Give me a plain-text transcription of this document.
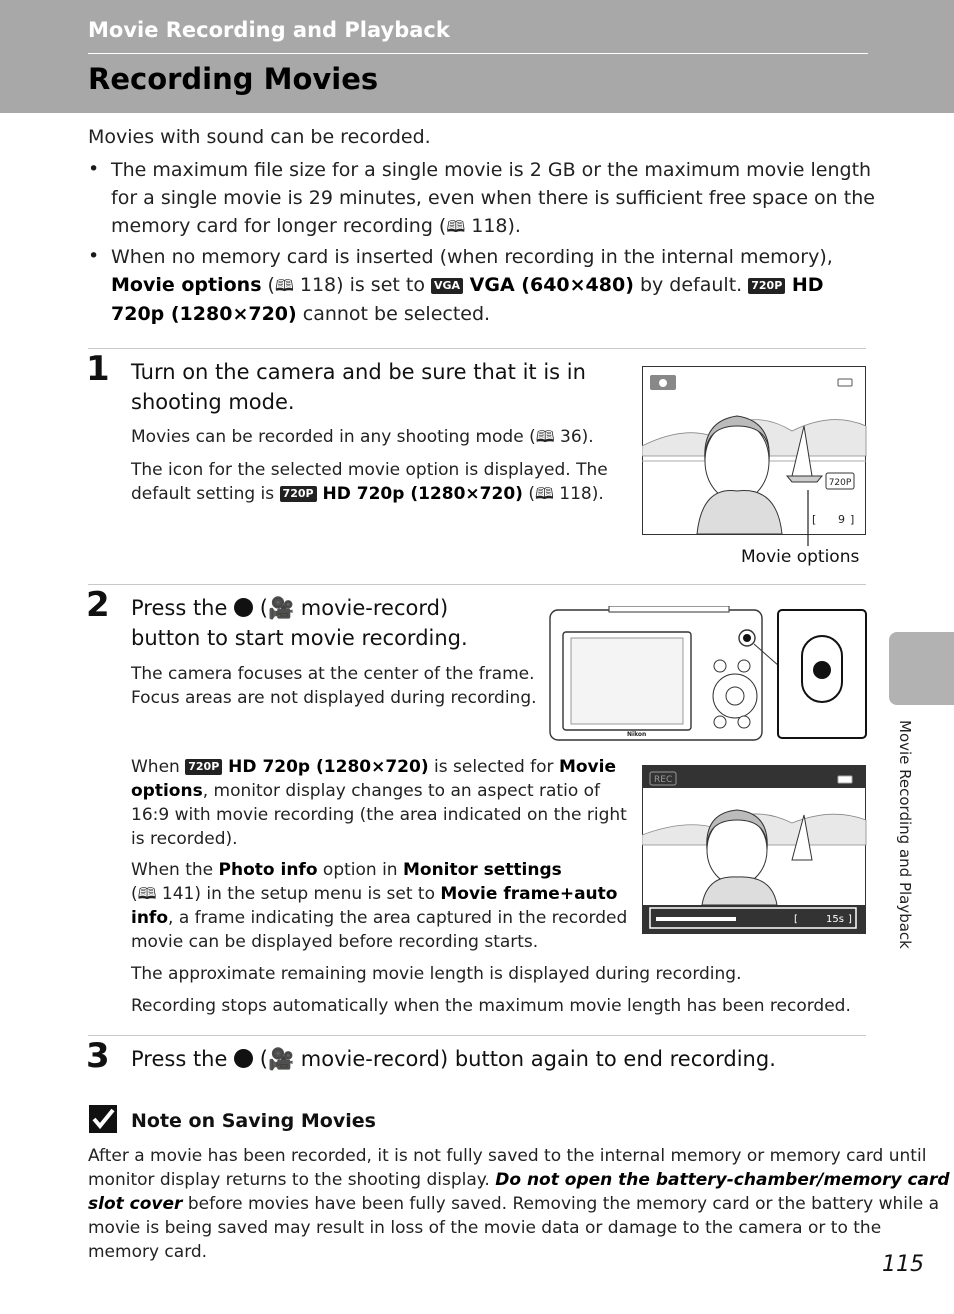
Movie Recording and Playback
Recording Movies
Movie Recording and Playback
Movies with sound can be recorded.
• The maximum file size for a single movie is 2 GB or the maximum movie length
for a single movie is 29 minutes, even when there is sufficient free space on the
memory card for longer recording (🕮 118).
• When no memory card is inserted (when recording in the internal memory),
Movie options (🕮 118) is set to VGA VGA (640×480) by default. 720P HD
720p (1280×720) cannot be selected.
1 Turn on the camera and be sure that it is in
shooting mode.
Movies can be recorded in any shooting mode (🕮 36).
The icon for the selected movie option is displayed. The
default setting is 720P HD 720p (1280×720) (🕮 118).
720P
[ 9 ]
Movie options
2 Press the  (🎥 movie-record)
button to start movie recording.
The camera focuses at the center of the frame.
Focus areas are not displayed during recording.
Nikon
When 720P HD 720p (1280×720) is selected for Movie
options, monitor display changes to an aspect ratio of
16:9 with movie recording (the area indicated on the right
is recorded).
When the Photo info option in Monitor settings
(🕮 141) in the setup menu is set to Movie frame+auto
info, a frame indicating the area captured in the recorded
movie can be displayed before recording starts.
REC
[	15s ]
The approximate remaining movie length is displayed during recording.
Recording stops automatically when the maximum movie length has been recorded.
3 Press the  (🎥 movie-record) button again to end recording.
Note on Saving Movies
After a movie has been recorded, it is not fully saved to the internal memory or memory card until
monitor display returns to the shooting display. Do not open the battery-chamber/memory card
slot cover before movies have been fully saved. Removing the memory card or the battery while a
movie is being saved may result in loss of the movie data or damage to the camera or to the
memory card.	115
